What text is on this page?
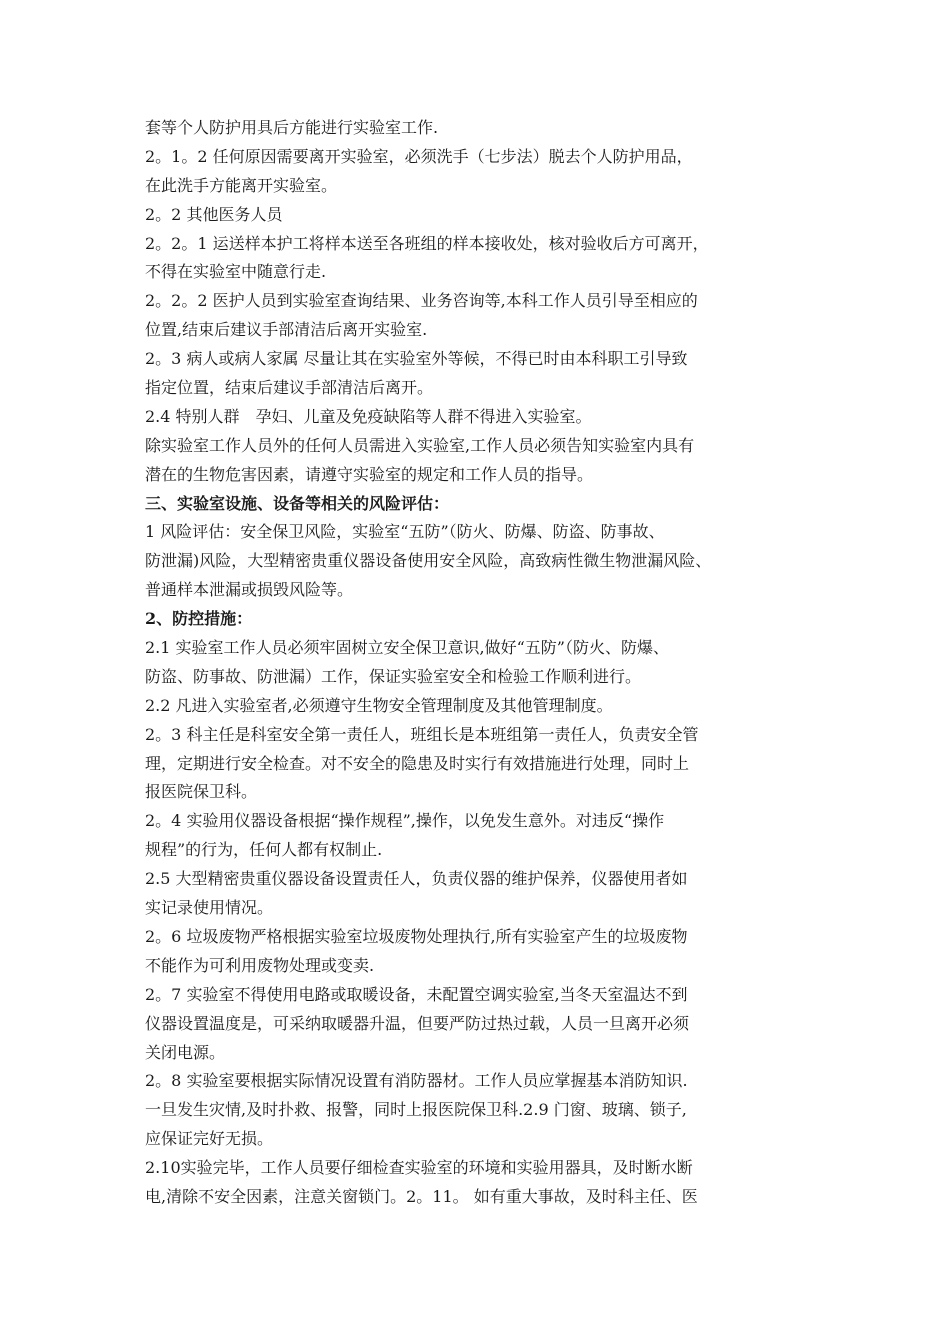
套等个人防护用具后方能进行实验室工作.
2。1。2 任何原因需要离开实验室，必须洗手（七步法）脱去个人防护用品，
在此洗手方能离开实验室。
2。2 其他医务人员
2。2。1 运送样本护工将样本送至各班组的样本接收处，核对验收后方可离开，
不得在实验室中随意行走.
2。2。2 医护人员到实验室查询结果、业务咨询等,本科工作人员引导至相应的
位置,结束后建议手部清洁后离开实验室.
2。3 病人或病人家属 尽量让其在实验室外等候，不得已时由本科职工引导致
指定位置，结束后建议手部清洁后离开。
2.4 特别人群　孕妇、儿童及免疫缺陷等人群不得进入实验室。
除实验室工作人员外的任何人员需进入实验室,工作人员必须告知实验室内具有
潜在的生物危害因素，请遵守实验室的规定和工作人员的指导。
三、实验室设施、设备等相关的风险评估：
1 风险评估：安全保卫风险，实验室“五防”（防火、防爆、防盗、防事故、
防泄漏)风险，大型精密贵重仪器设备使用安全风险，高致病性微生物泄漏风险、
普通样本泄漏或损毁风险等。
2、防控措施：
2.1 实验室工作人员必须牢固树立安全保卫意识,做好“五防”（防火、防爆、
防盗、防事故、防泄漏）工作，保证实验室安全和检验工作顺利进行。
2.2 凡进入实验室者,必须遵守生物安全管理制度及其他管理制度。
2。3 科主任是科室安全第一责任人，班组长是本班组第一责任人，负责安全管
理，定期进行安全检查。对不安全的隐患及时实行有效措施进行处理，同时上
报医院保卫科。
2。4 实验用仪器设备根据“操作规程”,操作，以免发生意外。对违反“操作
规程”的行为，任何人都有权制止.
2.5 大型精密贵重仪器设备设置责任人，负责仪器的维护保养，仪器使用者如
实记录使用情况。
2。6 垃圾废物严格根据实验室垃圾废物处理执行,所有实验室产生的垃圾废物
不能作为可利用废物处理或变卖.
2。7 实验室不得使用电路或取暖设备，未配置空调实验室,当冬天室温达不到
仪器设置温度是，可采纳取暖器升温，但要严防过热过载，人员一旦离开必须
关闭电源。
2。8 实验室要根据实际情况设置有消防器材。工作人员应掌握基本消防知识.
一旦发生灾情,及时扑救、报警，同时上报医院保卫科.2.9 门窗、玻璃、锁子,
应保证完好无损。
2.10实验完毕，工作人员要仔细检查实验室的环境和实验用器具，及时断水断
电,清除不安全因素，注意关窗锁门。2。11。 如有重大事故，及时科主任、医
